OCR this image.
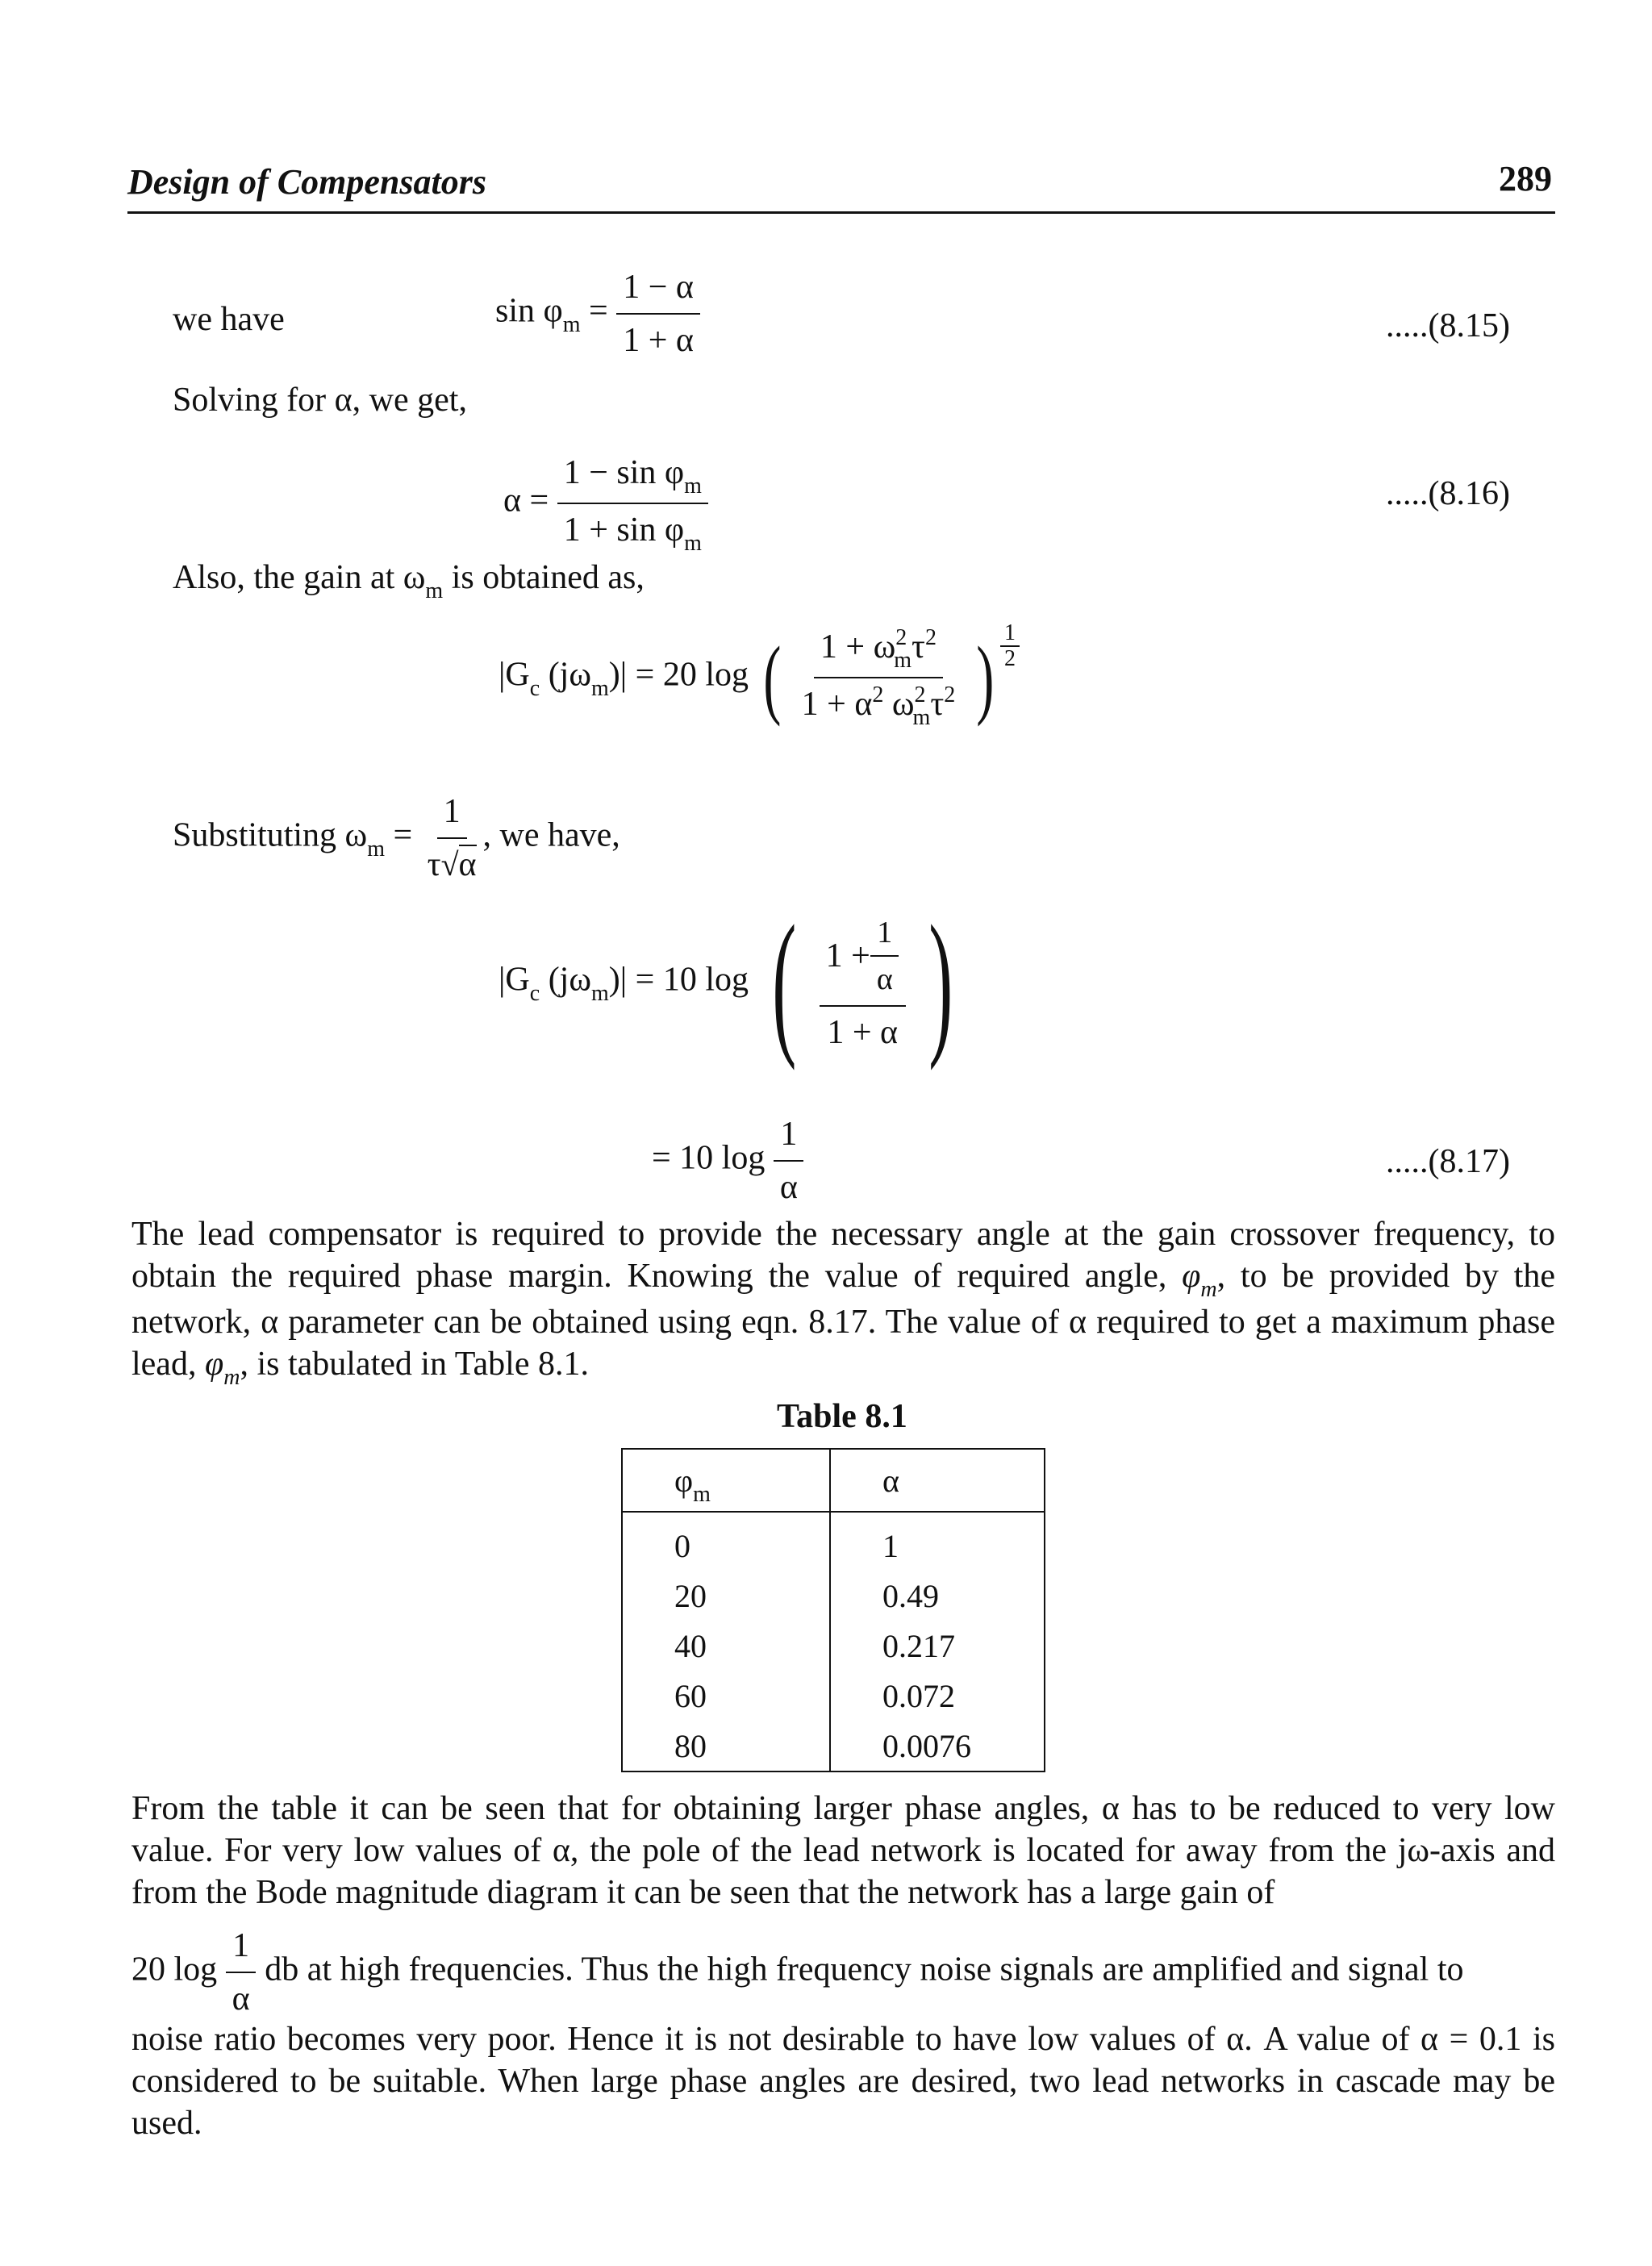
Design of Compensators	289
we have	$\sin \varphi_m = \frac{1 - \alpha}{1 + \alpha}$	.....(8.15)
Solving for α, we get,
$\alpha = \frac{1 - \sin \varphi_m}{1 + \sin \varphi_m}$	.....(8.16)
Also, the gain at $\omega_m$ is obtained as,
$|G_c$ $(j\omega_m)| = 20$ log ( $\frac{1 + \omega^2_m\tau^2}{1 + \alpha^2 \omega^2_m\tau^2}$ ) 1
2
Substituting $\omega_m = \frac{1}{\tau√\alpha}$ , we have,
$|G_c$ $(j\omega_m)| = 10$ log ( $\frac{1 + \frac{1}{\alpha}}{1 + \alpha}$ )
= 10 $\log \frac{1}{\alpha}$	.....(8.17)
The lead compensator is required to provide the necessary angle at the gain crossover frequency, to obtain the required phase margin. Knowing the value of required angle, $\varphi_m$, to be provided by the network, α parameter can be obtained using eqn. 8.17. The value of α required to get a maximum phase lead, $\varphi_m$, is tabulated in Table 8.1.
Table 8.1
$\varphi_m$	α
0	1
20	0.49
40	0.217
60	0.072
80	0.0076
From the table it can be seen that for obtaining larger phase angles, α has to be reduced to very low value. For very low values of α, the pole of the lead network is located for away from the jω-axis and from the Bode magnitude diagram it can be seen that the network has a large gain of
20 $\log \frac{1}{\alpha}$ db at high frequencies. Thus the high frequency noise signals are amplified and signal to
noise ratio becomes very poor. Hence it is not desirable to have low values of α. A value of α = 0.1 is considered to be suitable. When large phase angles are desired, two lead networks in cascade may be used.
